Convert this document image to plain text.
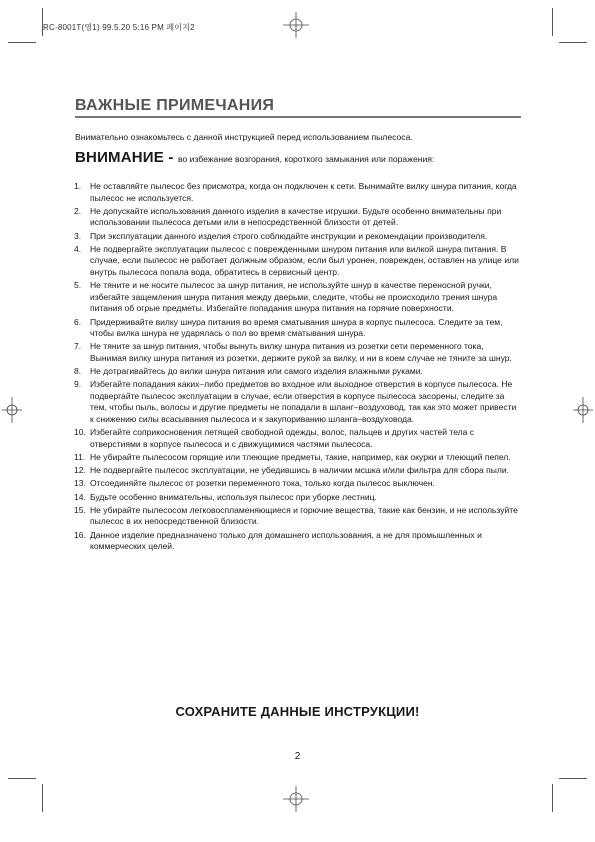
RC-8001T(영1) 99.5.20 5:16 PM 페이지2
ВАЖНЫЕ ПРИМЕЧАНИЯ

Внимательно ознакомьтесь с данной инструкцией перед использованием пылесоса.

ВНИМАНИЕ - во избежание возгорания, короткого замыкания или поражения:
1. Не оставляйте пылесос без присмотра, когда он подключен к сети. Вынимайте вилку шнура питания, когда пылесос не используется.
2. Не допускайте использования данного изделия в качестве игрушки. Будьте особенно внимательны при использовании пылесоса детьми или в непосредственной близости от детей.
3. При эксплуатации данного изделия строго соблюдайте инструкции и рекомендации производителя.
4. Не подвергайте эксплуатации пылесос с поврежденными шнуром питания или вилкой шнура питания. В случае, если пылесос не работает должным образом, если был уронен, поврежден, оставлен на улице или внутрь пылесоса попала вода, обратитесь в сервисный центр.
5. Не тяните и не носите пылесос за шнур питания, не используйте шнур в качестве переносной ручки, избегайте защемления шнура питания между дверьми, следите, чтобы не происходило трения шнура питания об огрые предметы. Избегайте попадания шнура питания на горячие поверхности.
6. Придерживайте вилку шнура питания во время сматывания шнура в корпус пылесоса. Следите за тем, чтобы вилка шнура не ударялась о пол во время сматывания шнура.
7. Не тяните за шнур питания, чтобы вынуть вилку шнура питания из розетки сети переменного тока, Вынимая вилку шнура питания из розетки, держите рукой за вилку, и ни в коем случае не тяните за шнур.
8. Не дотрагивайтесь до вилки шнура питания или самого изделия влажными руками.
9. Избегайте попадания каких–либо предметов во входное или выходное отверстия в корпусе пылесоса. Не подвергайте пылесос эксплуатации в случае, если отверстия в корпусе пылесоса засорены, следите за тем, чтобы пыль, волосы и другие предметы не попадали в шланг–воздуховод, так как это может привести к снижению силы всасывания пылесоса и к закупориванию шланга–воздуховода.
10. Избегайте соприкосновения летящей свободной одежды, волос, пальцев и других частей тела с отверстиями в корпусе пылесоса и с движущимися частями пылесоса.
11. Не убирайте пылесосом горящие или тлеющие предметы, такие, например, как окурки и тлеющий пепел.
12. Не подвергайте пылесос эксплуатации, не убедившись в наличии мсшка и/или фильтра для сбора пыли.
13. Отсоединяйте пылесос от розетки переменного тока, только когда пылесос выключен.
14. Будьте особенно внимательны, используя пылесос при уборке лестниц.
15. Не убирайте пылесосом легковоспламеняющиеся и горючие вещества, такие как бензин, и не используйте пылесос в их непосредственной близости.
16. Данное изделие предназначено только для домашнего использования, а не для промышленных и коммерческих целей.
СОХРАНИТЕ ДАННЫЕ ИНСТРУКЦИИ!
2
